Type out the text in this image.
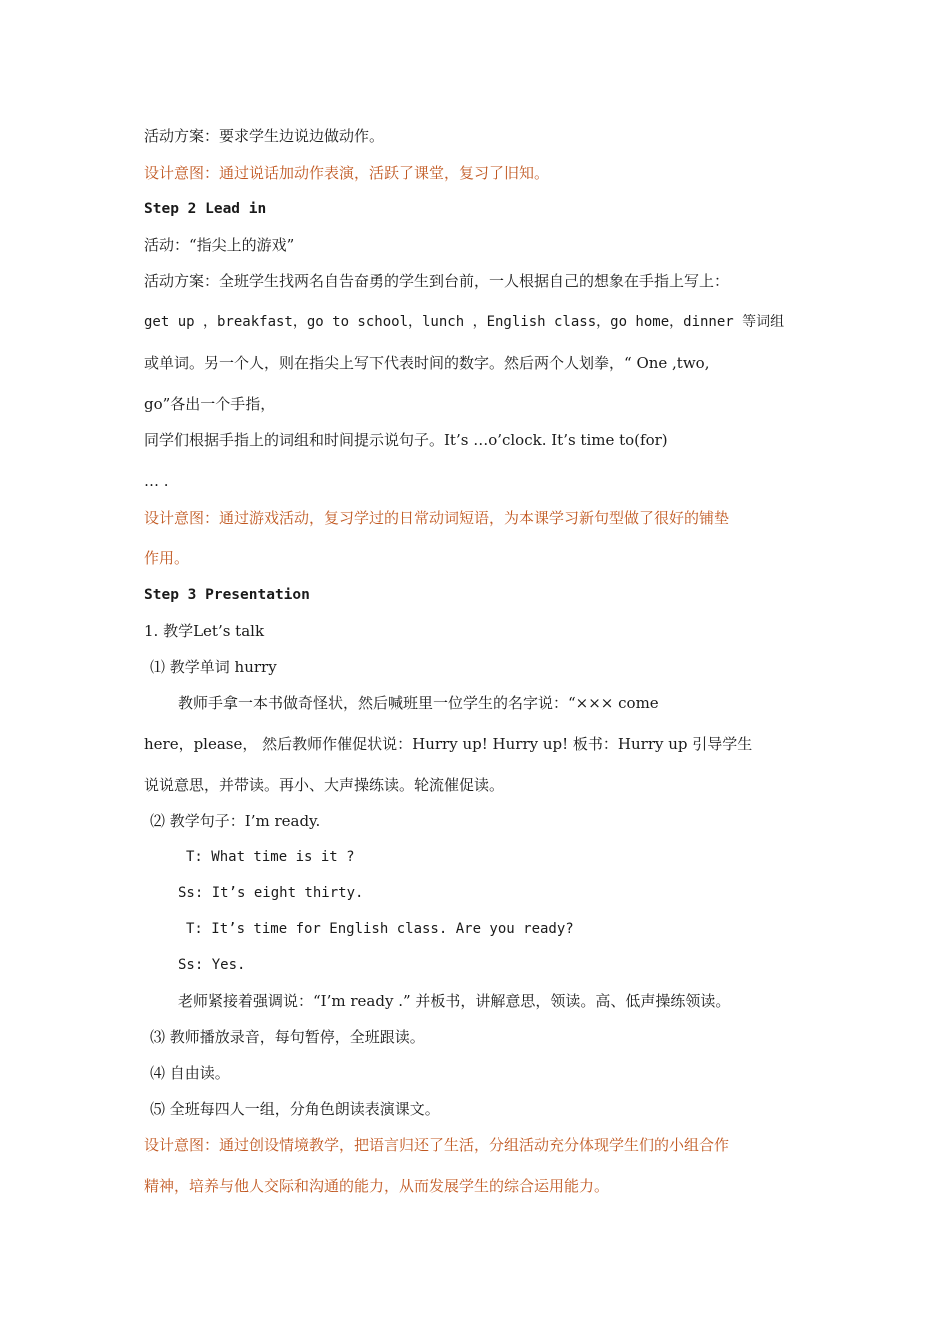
活动方案：要求学生边说边做动作。
设计意图：通过说话加动作表演，活跃了课堂，复习了旧知。
Step 2 Lead in
活动：“指尖上的游戏”
活动方案：全班学生找两名自告奋勇的学生到台前，一人根据自己的想象在手指上写上：
get up ，breakfast，go to school，lunch ，English class，go home，dinner 等词组
或单词。另一个人，则在指尖上写下代表时间的数字。然后两个人划拳，“ One ,two,
go”各出一个手指，
同学们根据手指上的词组和时间提示说句子。It’s …o’clock. It’s time to(for)
… .
设计意图：通过游戏活动，复习学过的日常动词短语，为本课学习新句型做了很好的铺垫
作用。
Step 3 Presentation
1. 教学Let’s talk
⑴ 教学单词 hurry
教师手拿一本书做奇怪状，然后喊班里一位学生的名字说：“××× come
here，please， 然后教师作催促状说：Hurry up! Hurry up! 板书：Hurry up 引导学生
说说意思，并带读。再小、大声操练读。轮流催促读。
⑵ 教学句子：I’m ready.
T: What time is it ?
Ss: It’s eight thirty.
T: It’s time for English class. Are you ready?
Ss: Yes.
老师紧接着强调说：“I’m ready .” 并板书，讲解意思，领读。高、低声操练领读。
⑶ 教师播放录音，每句暂停，全班跟读。
⑷ 自由读。
⑸ 全班每四人一组，分角色朗读表演课文。
设计意图：通过创设情境教学，把语言归还了生活，分组活动充分体现学生们的小组合作
精神，培养与他人交际和沟通的能力，从而发展学生的综合运用能力。
